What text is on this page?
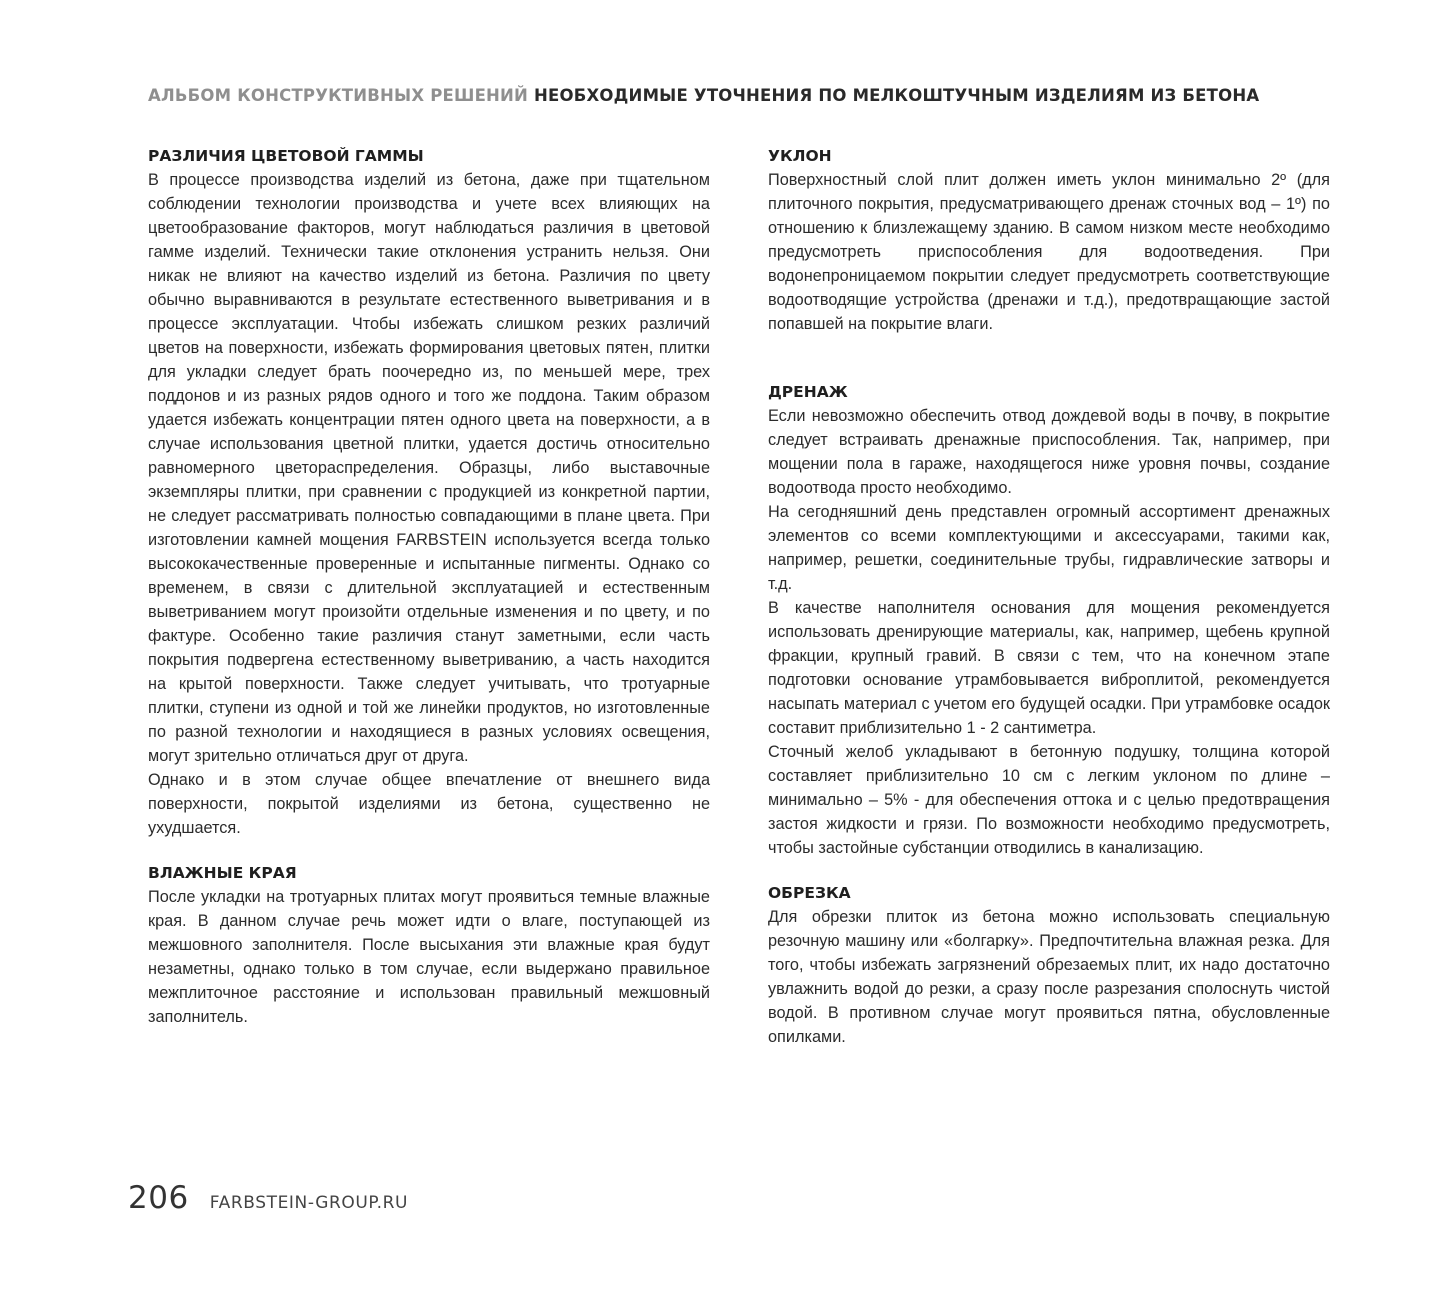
АЛЬБОМ КОНСТРУКТИВНЫХ РЕШЕНИЙ НЕОБХОДИМЫЕ УТОЧНЕНИЯ ПО МЕЛКОШТУЧНЫМ ИЗДЕЛИЯМ ИЗ БЕТОНА
РАЗЛИЧИЯ ЦВЕТОВОЙ ГАММЫ

В процессе производства изделий из бетона, даже при тщательном соблюдении технологии производства и учете всех влияющих на цветообразование факторов, могут наблюдаться различия в цветовой гамме изделий. Технически такие отклонения устранить нельзя. Они никак не влияют на качество изделий из бетона. Различия по цвету обычно выравниваются в результате естественного выветривания и в процессе эксплуатации. Чтобы избежать слишком резких различий цветов на поверхности, избежать формирования цветовых пятен, плитки для укладки следует брать поочередно из, по меньшей мере, трех поддонов и из разных рядов одного и того же поддона. Таким образом удается избежать концентрации пятен одного цвета на поверхности, а в случае использования цветной плитки, удается достичь относительно равномерного цветораспределения. Образцы, либо выставочные экземпляры плитки, при сравнении с продукцией из конкретной партии, не следует рассматривать полностью совпадающими в плане цвета. При изготовлении камней мощения FARBSTEIN используется всегда только высококачественные проверенные и испытанные пигменты. Однако со временем, в связи с длительной эксплуатацией и естественным выветриванием могут произойти отдельные изменения и по цвету, и по фактуре. Особенно такие различия станут заметными, если часть покрытия подвергена естественному выветриванию, а часть находится на крытой поверхности. Также следует учитывать, что тротуарные плитки, ступени из одной и той же линейки продуктов, но изготовленные по разной технологии и находящиеся в разных условиях освещения, могут зрительно отличаться друг от друга.

Однако и в этом случае общее впечатление от внешнего вида поверхности, покрытой изделиями из бетона, существенно не ухудшается.

ВЛАЖНЫЕ КРАЯ

После укладки на тротуарных плитах могут проявиться темные влажные края. В данном случае речь может идти о влаге, поступающей из межшовного заполнителя. После высыхания эти влажные края будут незаметны, однако только в том случае, если выдержано правильное межплиточное расстояние и использован правильный межшовный заполнитель.

УКЛОН

Поверхностный слой плит должен иметь уклон минимально 2º (для плиточного покрытия, предусматривающего дренаж сточных вод – 1º) по отношению к близлежащему зданию. В самом низком месте необходимо предусмотреть приспособления для водоотведения. При водонепроницаемом покрытии следует предусмотреть соответствующие водоотводящие устройства (дренажи и т.д.), предотвращающие застой попавшей на покрытие влаги.

ДРЕНАЖ

Если невозможно обеспечить отвод дождевой воды в почву, в покрытие следует встраивать дренажные приспособления. Так, например, при мощении пола в гараже, находящегося ниже уровня почвы, создание водоотвода просто необходимо.

На сегодняшний день представлен огромный ассортимент дренажных элементов со всеми комплектующими и аксессуарами, такими как, например, решетки, соединительные трубы, гидравлические затворы и т.д.

В качестве наполнителя основания для мощения рекомендуется использовать дренирующие материалы, как, например, щебень крупной фракции, крупный гравий. В связи с тем, что на конечном этапе подготовки основание утрамбовывается виброплитой, рекомендуется насыпать материал с учетом его будущей осадки. При утрамбовке осадок составит приблизительно 1 - 2 сантиметра.

Сточный желоб укладывают в бетонную подушку, толщина которой составляет приблизительно 10 см с легким уклоном по длине – минимально – 5% - для обеспечения оттока и с целью предотвращения застоя жидкости и грязи. По возможности необходимо предусмотреть, чтобы застойные субстанции отводились в канализацию.

ОБРЕЗКА

Для обрезки плиток из бетона можно использовать специальную резочную машину или «болгарку». Предпочтительна влажная резка. Для того, чтобы избежать загрязнений обрезаемых плит, их надо достаточно увлажнить водой до резки, а сразу после разрезания сполоснуть чистой водой. В противном случае могут проявиться пятна, обусловленные опилками.

206 FARBSTEIN-GROUP.RU
